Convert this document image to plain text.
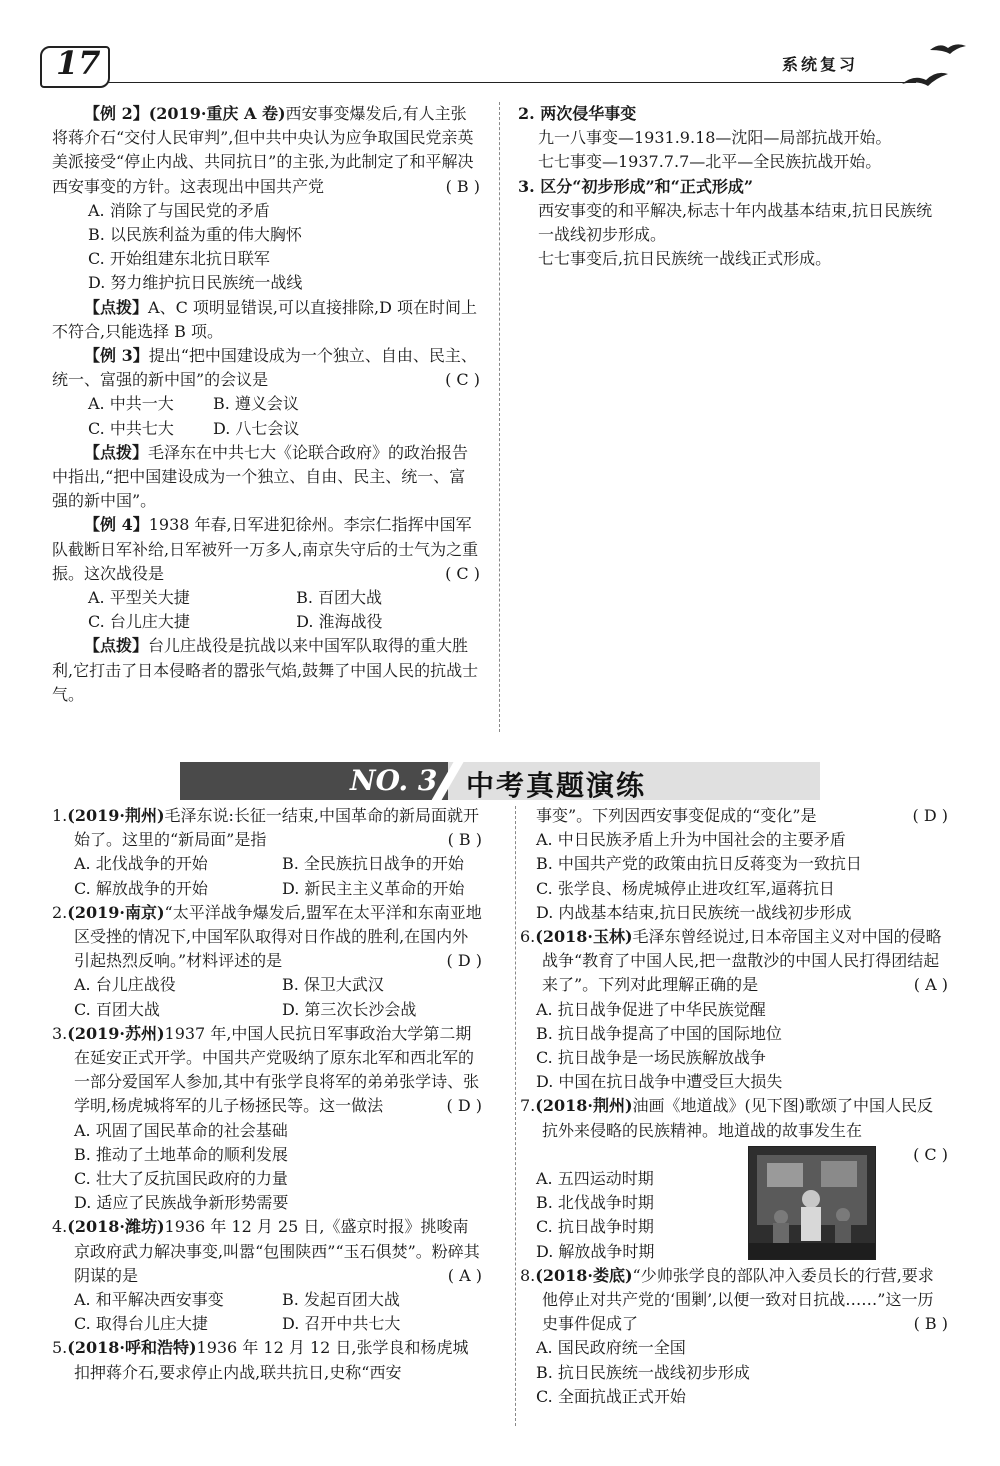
17	系统复习

【例 2】(2019·重庆 A 卷)西安事变爆发后,有人主张将蒋介石“交付人民审判”,但中共中央认为应争取国民党亲英美派接受“停止内战、共同抗日”的主张,为此制定了和平解决西安事变的方针。这表现出中国共产党	( B )

A. 消除了与国民党的矛盾

B. 以民族利益为重的伟大胸怀

C. 开始组建东北抗日联军

D. 努力维护抗日民族统一战线

【点拨】A、C 项明显错误,可以直接排除,D 项在时间上不符合,只能选择 B 项。

【例 3】提出“把中国建设成为一个独立、自由、民主、统一、富强的新中国”的会议是	( C )

A. 中共一大	B. 遵义会议
C. 中共七大	D. 八七会议

【点拨】毛泽东在中共七大《论联合政府》的政治报告中指出,“把中国建设成为一个独立、自由、民主、统一、富强的新中国”。

【例 4】1938 年春,日军进犯徐州。李宗仁指挥中国军队截断日军补给,日军被歼一万多人,南京失守后的士气为之重振。这次战役是	( C )

A. 平型关大捷	B. 百团大战
C. 台儿庄大捷	D. 淮海战役

【点拨】台儿庄战役是抗战以来中国军队取得的重大胜利,它打击了日本侵略者的嚣张气焰,鼓舞了中国人民的抗战士气。

2. 两次侵华事变

九一八事变—1931.9.18—沈阳—局部抗战开始。

七七事变—1937.7.7—北平—全民族抗战开始。

3. 区分“初步形成”和“正式形成”

西安事变的和平解决,标志十年内战基本结束,抗日民族统一战线初步形成。

七七事变后,抗日民族统一战线正式形成。

NO. 3 中考真题演练

1.(2019·荆州)毛泽东说:长征一结束,中国革命的新局面就开始了。这里的“新局面”是指	( B )

A. 北伐战争的开始	B. 全民族抗日战争的开始
C. 解放战争的开始	D. 新民主主义革命的开始

2.(2019·南京)“太平洋战争爆发后,盟军在太平洋和东南亚地区受挫的情况下,中国军队取得对日作战的胜利,在国内外引起热烈反响。”材料评述的是	( D )

A. 台儿庄战役	B. 保卫大武汉
C. 百团大战	D. 第三次长沙会战

3.(2019·苏州)1937 年,中国人民抗日军事政治大学第二期在延安正式开学。中国共产党吸纳了原东北军和西北军的一部分爱国军人参加,其中有张学良将军的弟弟张学诗、张学明,杨虎城将军的儿子杨拯民等。这一做法	( D )

A. 巩固了国民革命的社会基础

B. 推动了土地革命的顺利发展

C. 壮大了反抗国民政府的力量

D. 适应了民族战争新形势需要

4.(2018·潍坊)1936 年 12 月 25 日,《盛京时报》挑唆南京政府武力解决事变,叫嚣“包围陕西”“玉石俱焚”。粉碎其阴谋的是	( A )

A. 和平解决西安事变	B. 发起百团大战
C. 取得台儿庄大捷	D. 召开中共七大

5.(2018·呼和浩特)1936 年 12 月 12 日,张学良和杨虎城扣押蒋介石,要求停止内战,联共抗日,史称“西安

事变”。下列因西安事变促成的“变化”是	( D )

A. 中日民族矛盾上升为中国社会的主要矛盾

B. 中国共产党的政策由抗日反蒋变为一致抗日

C. 张学良、杨虎城停止进攻红军,逼蒋抗日

D. 内战基本结束,抗日民族统一战线初步形成

6.(2018·玉林)毛泽东曾经说过,日本帝国主义对中国的侵略战争“教育了中国人民,把一盘散沙的中国人民打得团结起来了”。下列对此理解正确的是	( A )

A. 抗日战争促进了中华民族觉醒

B. 抗日战争提高了中国的国际地位

C. 抗日战争是一场民族解放战争

D. 中国在抗日战争中遭受巨大损失

7.(2018·荆州)油画《地道战》(见下图)歌颂了中国人民反抗外来侵略的民族精神。地道战的故事发生在

( C )

A. 五四运动时期

B. 北伐战争时期

C. 抗日战争时期

D. 解放战争时期

8.(2018·娄底)“少帅张学良的部队冲入委员长的行营,要求他停止对共产党的‘围剿’,以便一致对日抗战……”这一历史事件促成了	( B )

A. 国民政府统一全国

B. 抗日民族统一战线初步形成

C. 全面抗战正式开始
